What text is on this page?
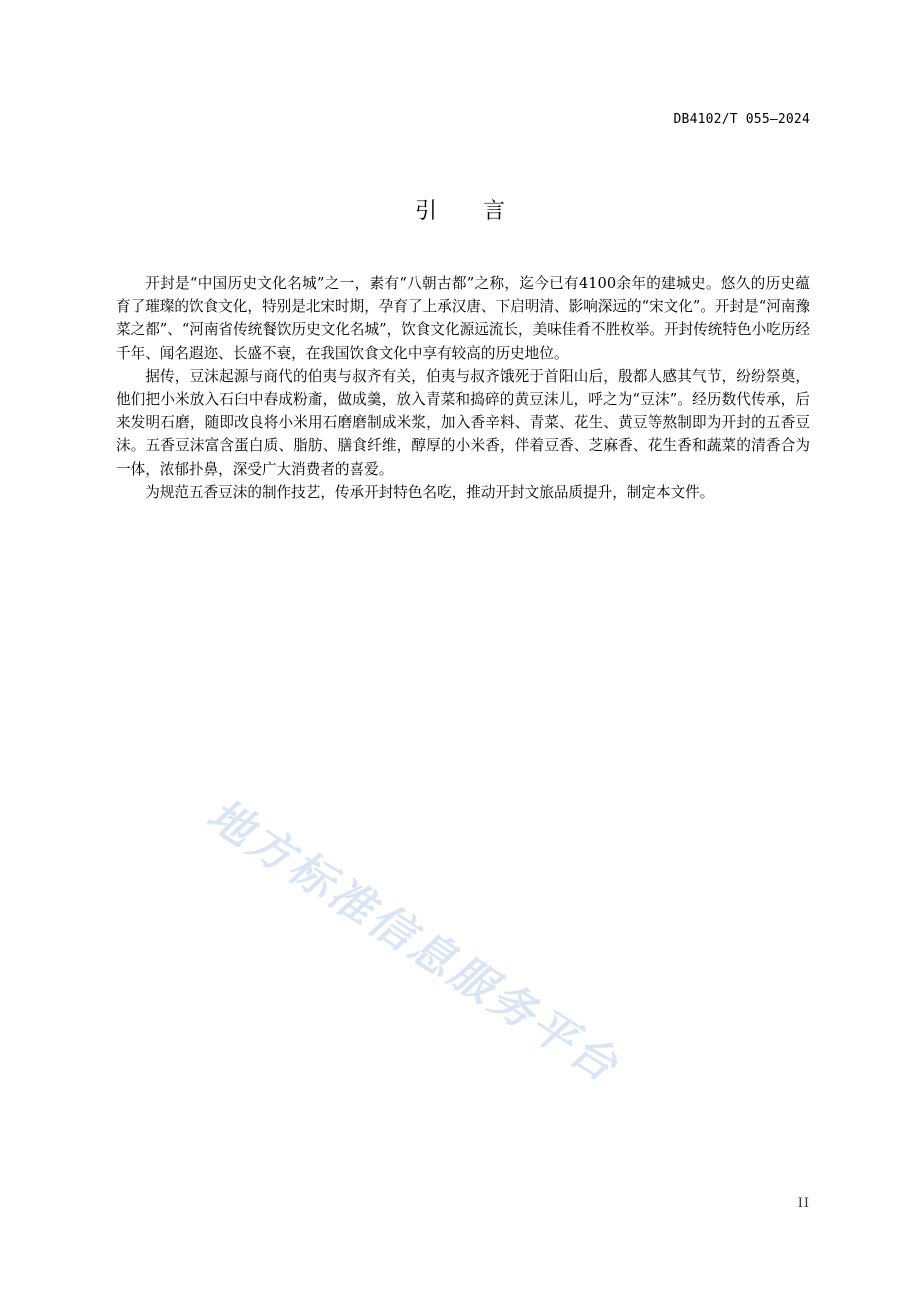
DB4102/T 055—2024
引言

开封是“中国历史文化名城”之一，素有“八朝古都”之称，迄今已有4100余年的建城史。悠久的历史蕴育了璀璨的饮食文化，特别是北宋时期，孕育了上承汉唐、下启明清、影响深远的“宋文化”。开封是“河南豫菜之都”、“河南省传统餐饮历史文化名城”，饮食文化源远流长，美味佳肴不胜枚举。开封传统特色小吃历经千年、闻名遐迩、长盛不衰，在我国饮食文化中享有较高的历史地位。

据传，豆沫起源与商代的伯夷与叔齐有关，伯夷与叔齐饿死于首阳山后，殷都人感其气节，纷纷祭奠，他们把小米放入石臼中舂成粉齑，做成羹，放入青菜和捣碎的黄豆沫儿，呼之为“豆沫”。经历数代传承，后来发明石磨，随即改良将小米用石磨磨制成米浆，加入香辛料、青菜、花生、黄豆等熬制即为开封的五香豆沫。五香豆沫富含蛋白质、脂肪、膳食纤维，醇厚的小米香，伴着豆香、芝麻香、花生香和蔬菜的清香合为一体，浓郁扑鼻，深受广大消费者的喜爱。

为规范五香豆沫的制作技艺，传承开封特色名吃，推动开封文旅品质提升，制定本文件。

地方标准信息服务平台
II
